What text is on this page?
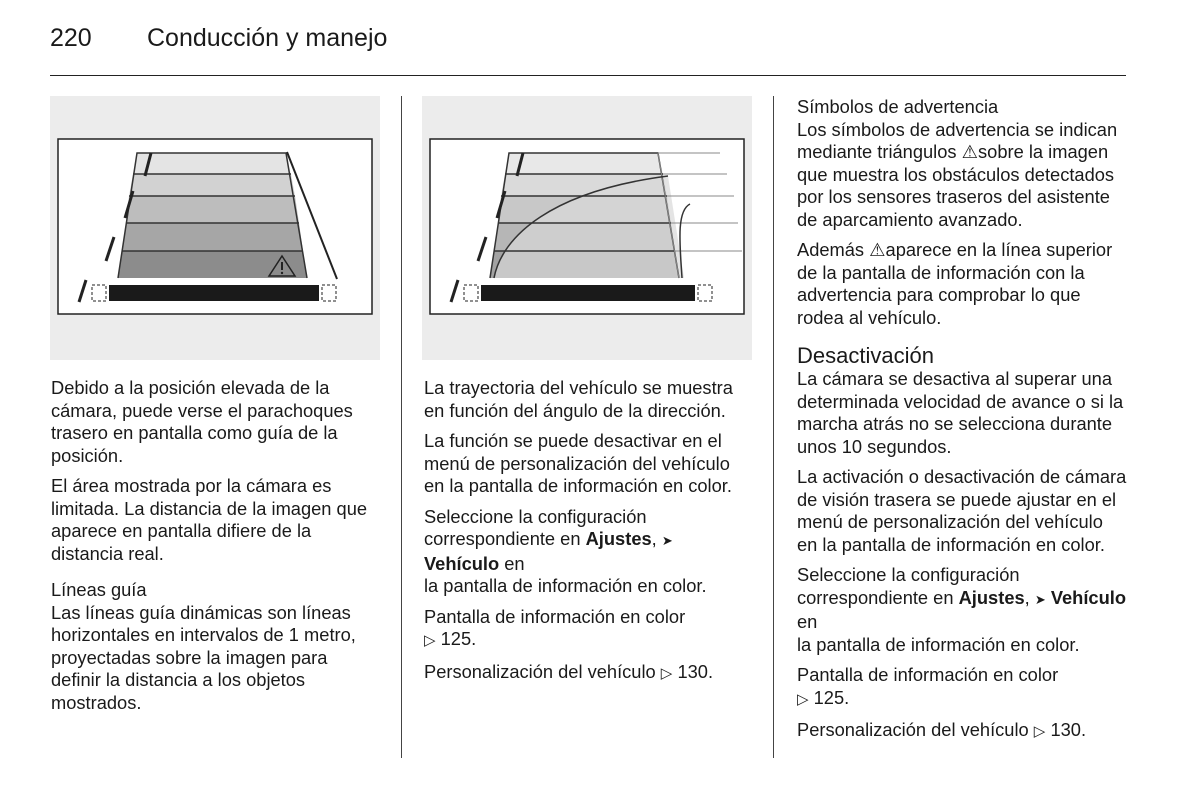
220 Conducción y manejo

Debido a la posición elevada de la cámara, puede verse el parachoques trasero en pantalla como guía de la posición.

El área mostrada por la cámara es limitada. La distancia de la imagen que aparece en pantalla difiere de la distancia real.

Líneas guía

Las líneas guía dinámicas son líneas horizontales en intervalos de 1 metro, proyectadas sobre la imagen para definir la distancia a los objetos mostrados.

La trayectoria del vehículo se muestra en función del ángulo de la dirección.

La función se puede desactivar en el menú de personalización del vehículo en la pantalla de información en color.

Seleccione la configuración correspondiente en Ajustes, ➤ Vehículo en
la pantalla de información en color.

Pantalla de información en color
▷ 125.

Personalización del vehículo ▷ 130.

Símbolos de advertencia

Los símbolos de advertencia se indican mediante triángulos ⚠sobre la imagen que muestra los obstáculos detectados por los sensores traseros del asistente de aparcamiento avanzado.

Además ⚠aparece en la línea superior de la pantalla de información con la advertencia para comprobar lo que rodea al vehículo.

Desactivación

La cámara se desactiva al superar una determinada velocidad de avance o si la marcha atrás no se selecciona durante unos 10 segundos.

La activación o desactivación de cámara de visión trasera se puede ajustar en el menú de personalización del vehículo en la pantalla de información en color.

Seleccione la configuración correspondiente en Ajustes, ➤ Vehículo en
la pantalla de información en color.

Pantalla de información en color
▷ 125.

Personalización del vehículo ▷ 130.
